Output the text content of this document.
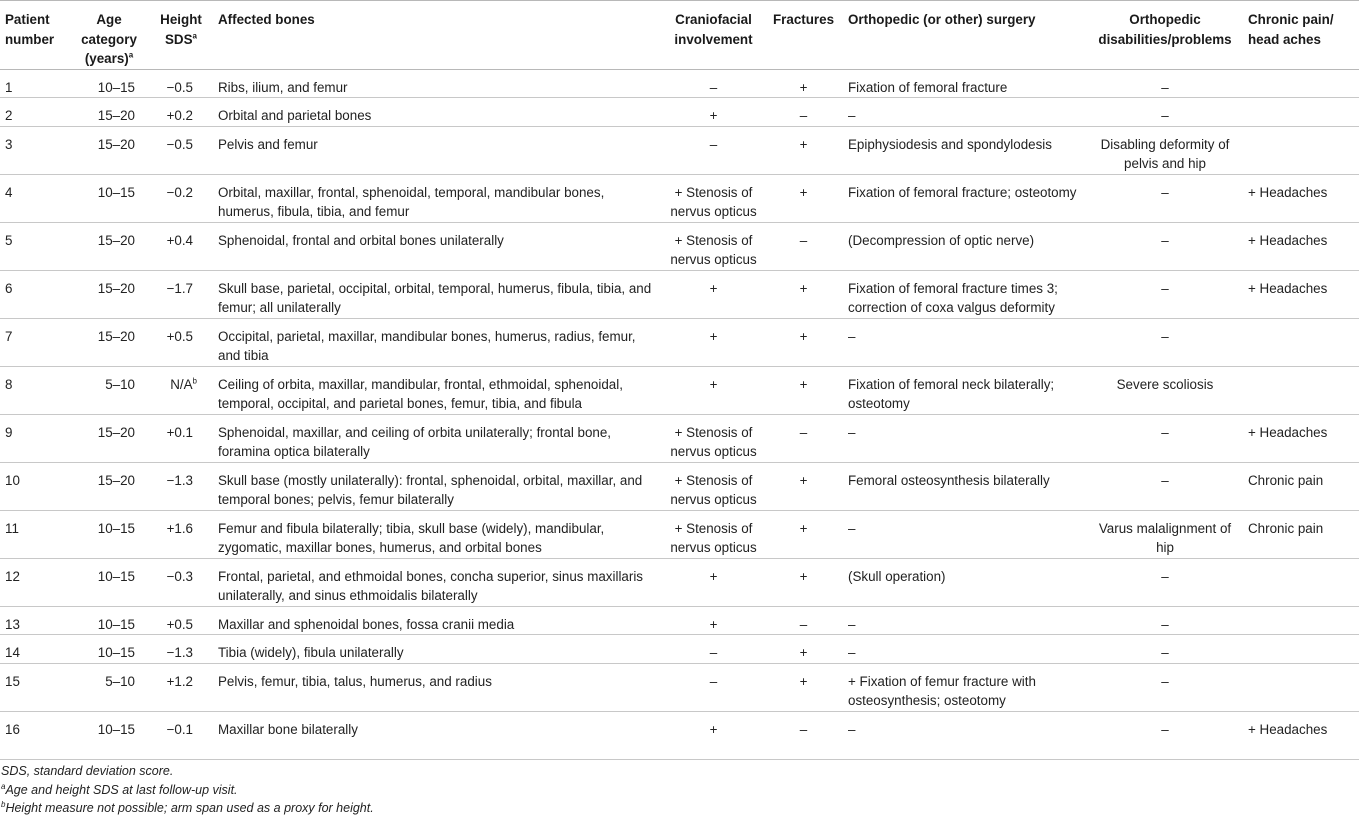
Patient number	Age category (years)$^a$	Height SDS$^a$	Affected bones	Craniofacial involvement	Fractures	Orthopedic (or other) surgery	Orthopedic disabilities/problems	Chronic pain/ head aches
1	10–15	−0.5	Ribs, ilium, and femur	–	+	Fixation of femoral fracture	–	
2	15–20	+0.2	Orbital and parietal bones	+	–	–	–	
3	15–20	−0.5	Pelvis and femur	–	+	Epiphysiodesis and spondylodesis	Disabling deformity of pelvis and hip	
4	10–15	−0.2	Orbital, maxillar, frontal, sphenoidal, temporal, mandibular bones, humerus, fibula, tibia, and femur	+ Stenosis of nervus opticus	+	Fixation of femoral fracture; osteotomy	–	+ Headaches
5	15–20	+0.4	Sphenoidal, frontal and orbital bones unilaterally	+ Stenosis of nervus opticus	–	(Decompression of optic nerve)	–	+ Headaches
6	15–20	−1.7	Skull base, parietal, occipital, orbital, temporal, humerus, fibula, tibia, and femur; all unilaterally	+	+	Fixation of femoral fracture times 3; correction of coxa valgus deformity	–	+ Headaches
7	15–20	+0.5	Occipital, parietal, maxillar, mandibular bones, humerus, radius, femur, and tibia	+	+	–	–	
8	5–10	$N/A^b$	Ceiling of orbita, maxillar, mandibular, frontal, ethmoidal, sphenoidal, temporal, occipital, and parietal bones, femur, tibia, and fibula	+	+	Fixation of femoral neck bilaterally; osteotomy	Severe scoliosis	
9	15–20	+0.1	Sphenoidal, maxillar, and ceiling of orbita unilaterally; frontal bone, foramina optica bilaterally	+ Stenosis of nervus opticus	–	–	–	+ Headaches
10	15–20	−1.3	Skull base (mostly unilaterally): frontal, sphenoidal, orbital, maxillar, and temporal bones; pelvis, femur bilaterally	+ Stenosis of nervus opticus	+	Femoral osteosynthesis bilaterally	–	Chronic pain
11	10–15	+1.6	Femur and fibula bilaterally; tibia, skull base (widely), mandibular, zygomatic, maxillar bones, humerus, and orbital bones	+ Stenosis of nervus opticus	+	–	Varus malalignment of hip	Chronic pain
12	10–15	−0.3	Frontal, parietal, and ethmoidal bones, concha superior, sinus maxillaris unilaterally, and sinus ethmoidalis bilaterally	+	+	(Skull operation)	–	
13	10–15	+0.5	Maxillar and sphenoidal bones, fossa cranii media	+	–	–	–	
14	10–15	−1.3	Tibia (widely), fibula unilaterally	–	+	–	–	
15	5–10	+1.2	Pelvis, femur, tibia, talus, humerus, and radius	–	+	+ Fixation of femur fracture with osteosynthesis; osteotomy	–	
16	10–15	−0.1	Maxillar bone bilaterally	+	–	–	–	+ Headaches
SDS, standard deviation score.
$^a$Age and height SDS at last follow-up visit.
$^b$Height measure not possible; arm span used as a proxy for height.
